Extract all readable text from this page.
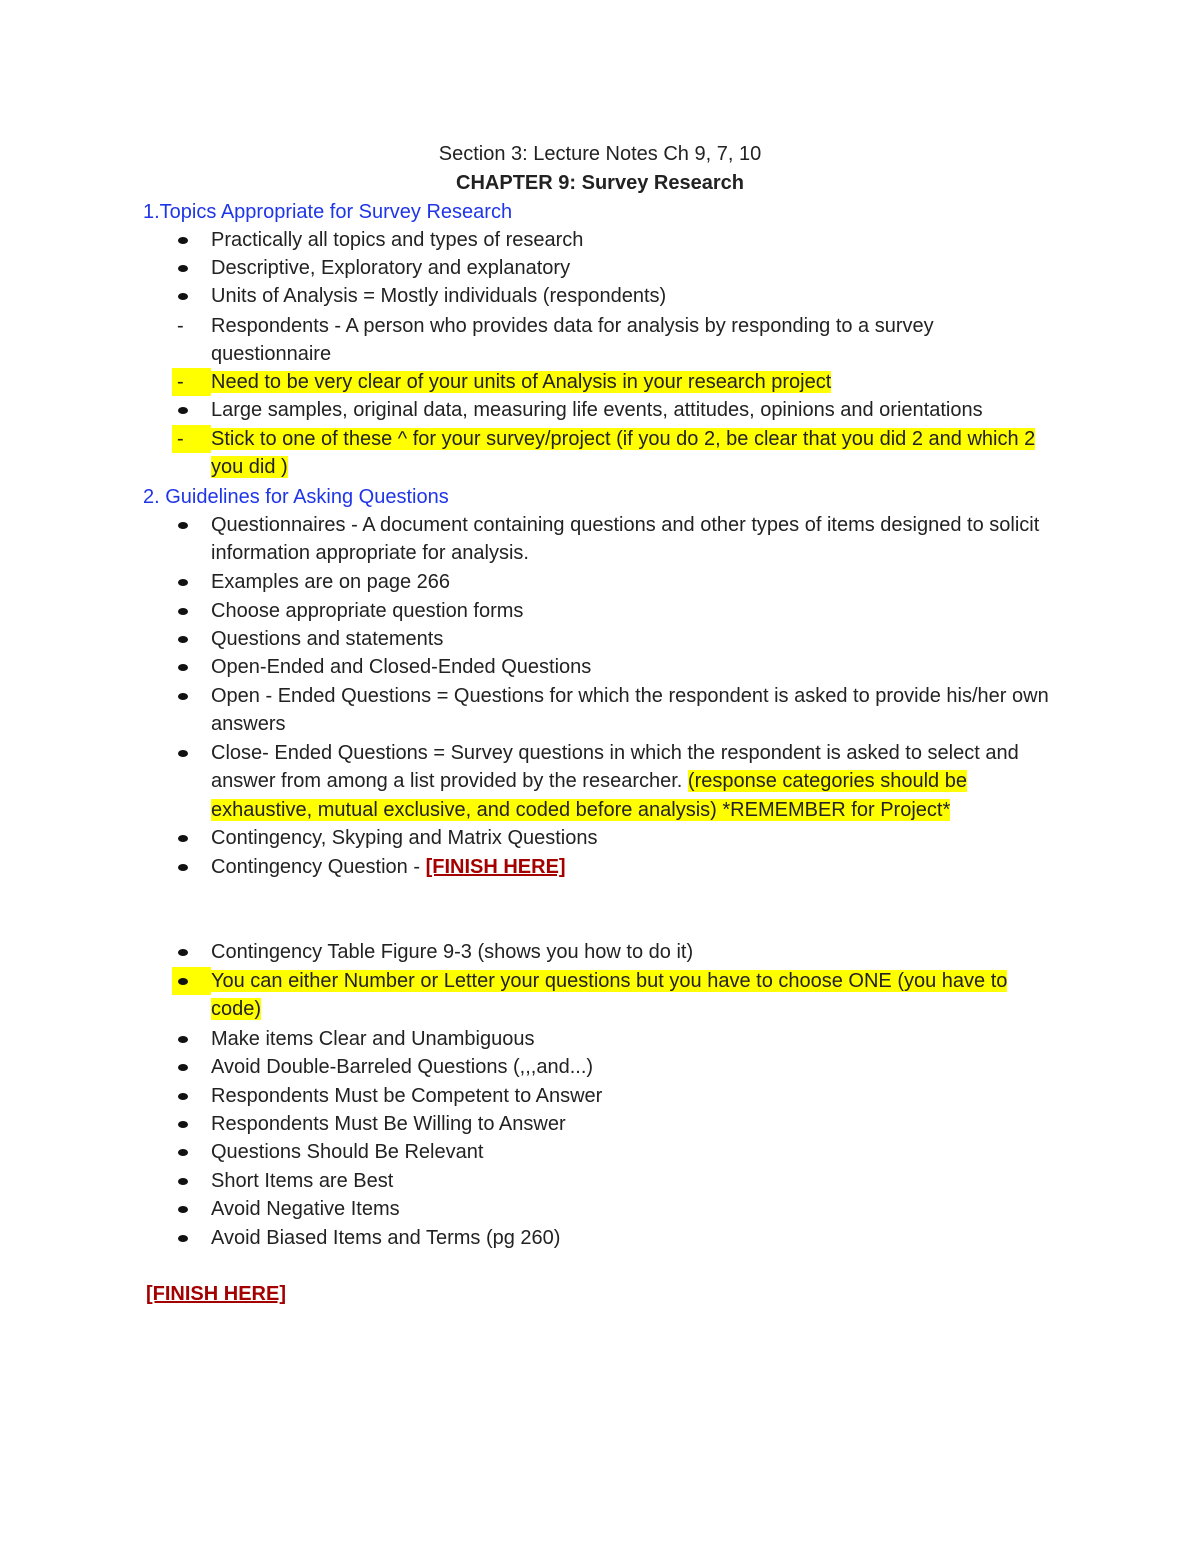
Section 3: Lecture Notes Ch 9, 7, 10
CHAPTER 9: Survey Research
1.Topics Appropriate for Survey Research
Practically all topics and types of research
Descriptive, Exploratory and explanatory
Units of Analysis = Mostly individuals (respondents)
- Respondents - A person who provides data for analysis by responding to a survey questionnaire
- Need to be very clear of your units of Analysis in your research project
Large samples, original data, measuring life events, attitudes, opinions and orientations
- Stick to one of these ^ for your survey/project (if you do 2, be clear that you did 2 and which 2 you did )
2. Guidelines for Asking Questions
Questionnaires - A document containing questions and other types of items designed to solicit information appropriate for analysis.
Examples are on page 266
Choose appropriate question forms
Questions and statements
Open-Ended and Closed-Ended Questions
Open - Ended Questions = Questions for which the respondent is asked to provide his/her own answers
Close- Ended Questions = Survey questions in which the respondent is asked to select and answer from among a list provided by the researcher. (response categories should be exhaustive, mutual exclusive, and coded before analysis) *REMEMBER for Project*
Contingency, Skyping and Matrix Questions
Contingency Question - [FINISH HERE]
Contingency Table Figure 9-3 (shows you how to do it)
You can either Number or Letter your questions but you have to choose ONE (you have to code)
Make items Clear and Unambiguous
Avoid Double-Barreled Questions (,,,and...)
Respondents Must be Competent to Answer
Respondents Must Be Willing to Answer
Questions Should Be Relevant
Short Items are Best
Avoid Negative Items
Avoid Biased Items and Terms (pg 260)
[FINISH HERE]
